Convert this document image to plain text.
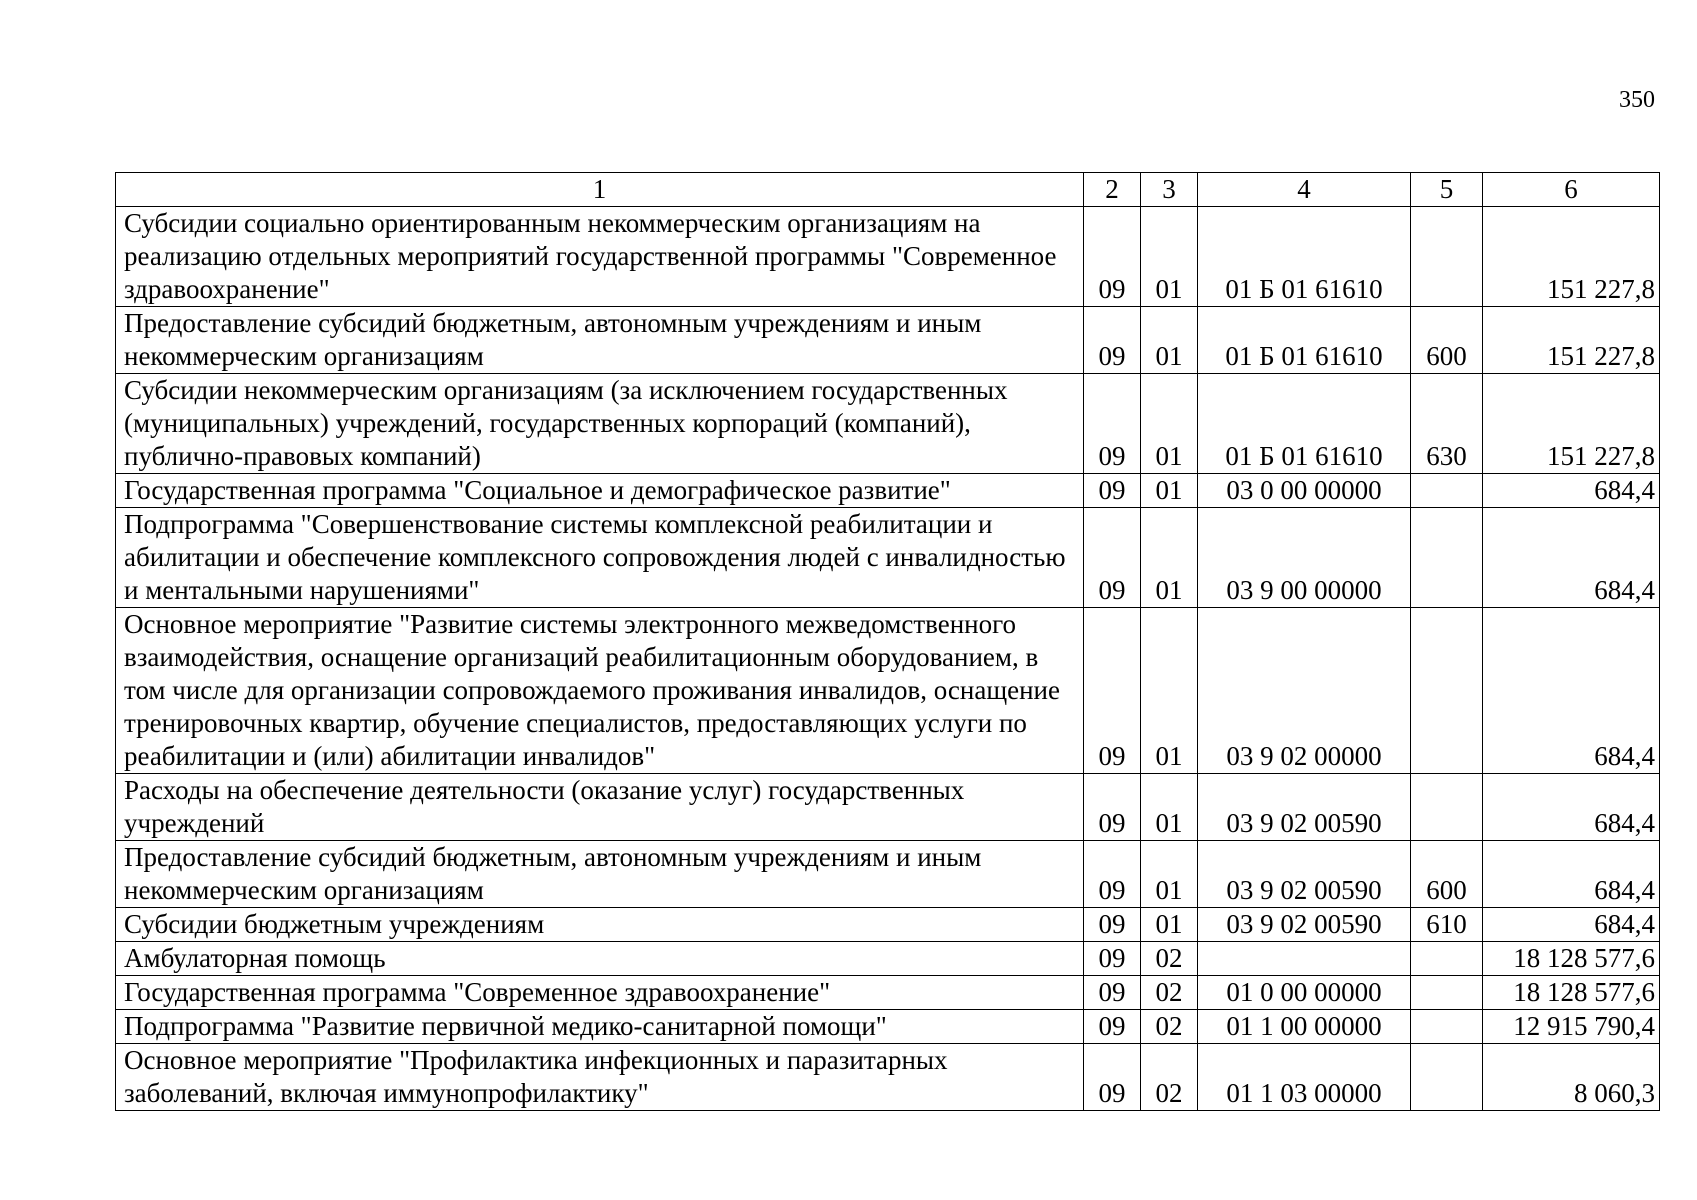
350
1	2	3	4	5	6
Субсидии социально ориентированным некоммерческим организациям на реализацию отдельных мероприятий государственной программы "Современное здравоохранение"	09	01	01 Б 01 61610		151 227,8
Предоставление субсидий бюджетным, автономным учреждениям и иным некоммерческим организациям	09	01	01 Б 01 61610	600	151 227,8
Субсидии некоммерческим организациям (за исключением государственных (муниципальных) учреждений, государственных корпораций (компаний), публично-правовых компаний)	09	01	01 Б 01 61610	630	151 227,8
Государственная программа "Социальное и демографическое развитие"	09	01	03 0 00 00000		684,4
Подпрограмма "Совершенствование системы комплексной реабилитации и абилитации и обеспечение комплексного сопровождения людей с инвалидностью и ментальными нарушениями"	09	01	03 9 00 00000		684,4
Основное мероприятие "Развитие системы электронного межведомственного взаимодействия, оснащение организаций реабилитационным оборудованием, в том числе для организации сопровождаемого проживания инвалидов, оснащение тренировочных квартир, обучение специалистов, предоставляющих услуги по реабилитации и (или) абилитации инвалидов"	09	01	03 9 02 00000		684,4
Расходы на обеспечение деятельности (оказание услуг) государственных учреждений	09	01	03 9 02 00590		684,4
Предоставление субсидий бюджетным, автономным учреждениям и иным некоммерческим организациям	09	01	03 9 02 00590	600	684,4
Субсидии бюджетным учреждениям	09	01	03 9 02 00590	610	684,4
Амбулаторная помощь	09	02			18 128 577,6
Государственная программа "Современное здравоохранение"	09	02	01 0 00 00000		18 128 577,6
Подпрограмма "Развитие первичной медико-санитарной помощи"	09	02	01 1 00 00000		12 915 790,4
Основное мероприятие "Профилактика инфекционных и паразитарных заболеваний, включая иммунопрофилактику"	09	02	01 1 03 00000		8 060,3
